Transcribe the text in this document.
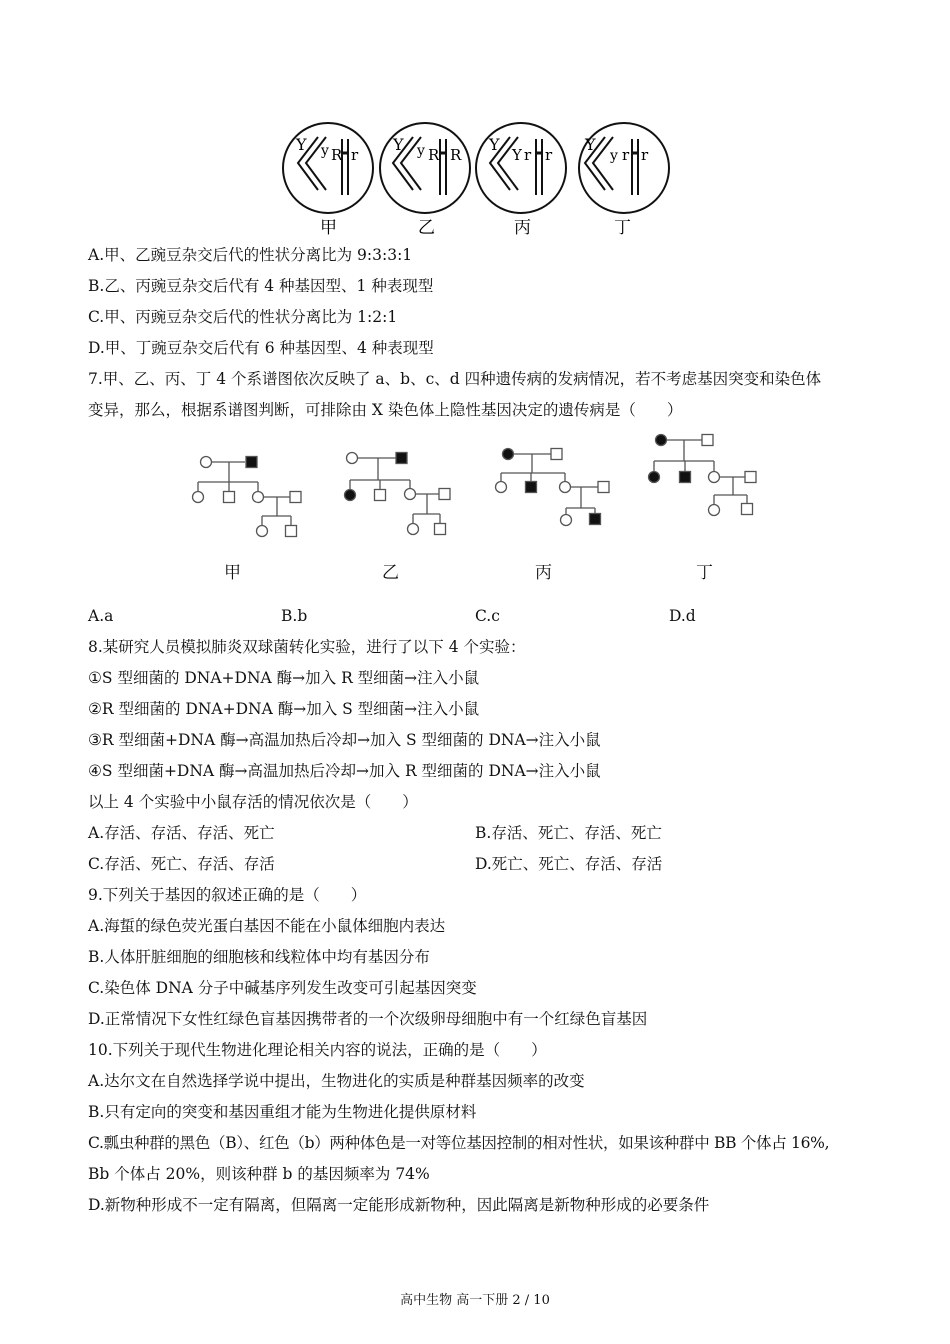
Y y R r
甲
Y y R R
乙
Y
Y r r
丙
Y
y r r
丁
A.甲、乙豌豆杂交后代的性状分离比为 9:3:3:1
B.乙、丙豌豆杂交后代有 4 种基因型、1 种表现型
C.甲、丙豌豆杂交后代的性状分离比为 1:2:1
D.甲、丁豌豆杂交后代有 6 种基因型、4 种表现型
7.甲、乙、丙、丁 4 个系谱图依次反映了 a、b、c、d 四种遗传病的发病情况，若不考虑基因突变和染色体
变异，那么，根据系谱图判断，可排除由 X 染色体上隐性基因决定的遗传病是（　　）
甲	乙	丙	丁
A.a	B.b	C.c	D.d
8.某研究人员模拟肺炎双球菌转化实验，进行了以下 4 个实验：
①S 型细菌的 DNA+DNA 酶→加入 R 型细菌→注入小鼠
②R 型细菌的 DNA+DNA 酶→加入 S 型细菌→注入小鼠
③R 型细菌+DNA 酶→高温加热后冷却→加入 S 型细菌的 DNA→注入小鼠
④S 型细菌+DNA 酶→高温加热后冷却→加入 R 型细菌的 DNA→注入小鼠
以上 4 个实验中小鼠存活的情况依次是（　　）
A.存活、存活、存活、死亡	B.存活、死亡、存活、死亡
C.存活、死亡、存活、存活	D.死亡、死亡、存活、存活
9.下列关于基因的叙述正确的是（　　）
A.海蜇的绿色荧光蛋白基因不能在小鼠体细胞内表达
B.人体肝脏细胞的细胞核和线粒体中均有基因分布
C.染色体 DNA 分子中碱基序列发生改变可引起基因突变
D.正常情况下女性红绿色盲基因携带者的一个次级卵母细胞中有一个红绿色盲基因
10.下列关于现代生物进化理论相关内容的说法，正确的是（　　）
A.达尔文在自然选择学说中提出，生物进化的实质是种群基因频率的改变
B.只有定向的突变和基因重组才能为生物进化提供原材料
C.瓢虫种群的黑色（B）、红色（b）两种体色是一对等位基因控制的相对性状，如果该种群中 BB 个体占 16%,
Bb 个体占 20%，则该种群 b 的基因频率为 74%
D.新物种形成不一定有隔离，但隔离一定能形成新物种，因此隔离是新物种形成的必要条件
高中生物 高一下册 2 / 10
